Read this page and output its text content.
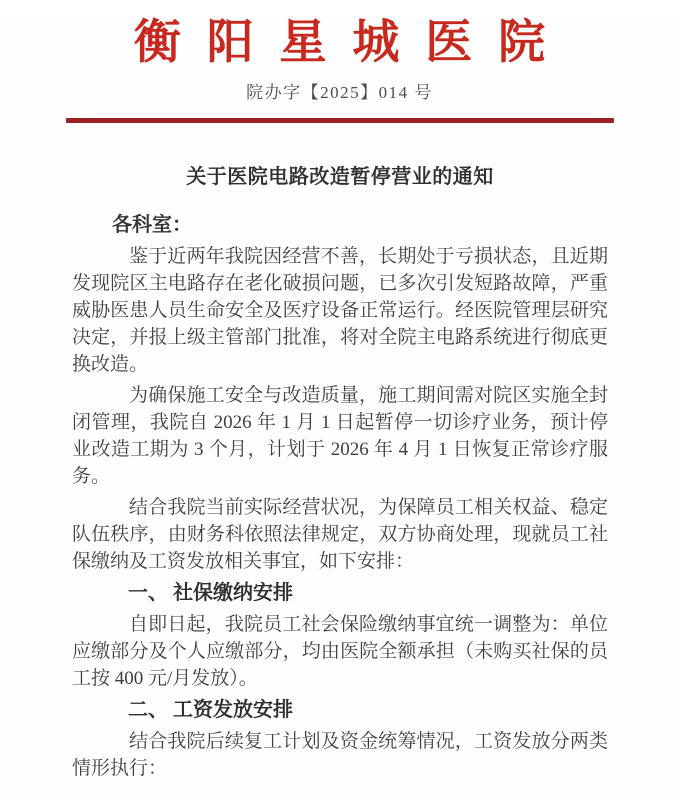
衡阳星城医院
院办字【2025】014 号
关于医院电路改造暂停营业的通知

各科室：

鉴于近两年我院因经营不善，长期处于亏损状态，且近期发现院区主电路存在老化破损问题，已多次引发短路故障，严重威胁医患人员生命安全及医疗设备正常运行。经医院管理层研究决定，并报上级主管部门批准，将对全院主电路系统进行彻底更换改造。

为确保施工安全与改造质量，施工期间需对院区实施全封闭管理，我院自 2026 年 1 月 1 日起暂停一切诊疗业务，预计停业改造工期为 3 个月，计划于 2026 年 4 月 1 日恢复正常诊疗服务。

结合我院当前实际经营状况，为保障员工相关权益、稳定队伍秩序，由财务科依照法律规定，双方协商处理，现就员工社保缴纳及工资发放相关事宜，如下安排：

一、 社保缴纳安排

自即日起，我院员工社会保险缴纳事宜统一调整为：单位应缴部分及个人应缴部分，均由医院全额承担（未购买社保的员工按 400 元/月发放）。

二、 工资发放安排

结合我院后续复工计划及资金统筹情况，工资发放分两类情形执行：
